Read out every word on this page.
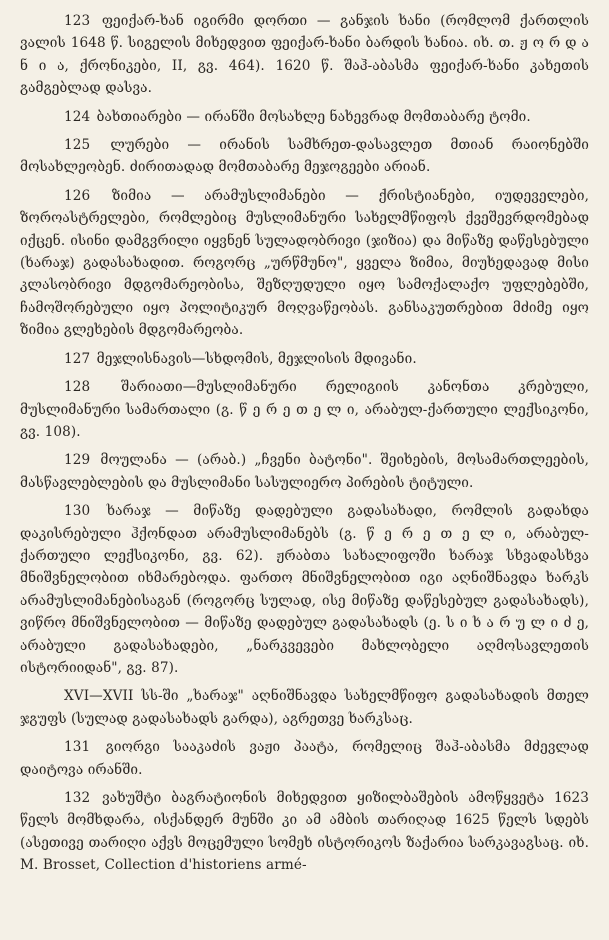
123 ფეიქარ-ხან იგირმი დორთი — განჯის ხანი (რომლომ ქართლის ვალის 1648 წ. სიგელის მიხედვით ფეიქარ-ხანი ბარდის ხანია. იხ. თ. ჟ ო რ დ ა ნ ი ა, ქრონიკები, II, გვ. 464). 1620 წ. შაჰ-აბასმა ფეიქარ-ხანი კახეთის გამგებლად დასვა.

124 ბახთიარები — ირანში მოსახლე ნახევრად მომთაბარე ტომი.

125 ლურები — ირანის სამხრეთ-დასავლეთ მთიან რაიონებში მოსახლეობენ. ძირითადად მომთაბარე მეჯოგეები არიან.

126 ზიმია — არამუსლიმანები — ქრისტიანები, იუდეველები, ზოროასტრელები, რომლებიც მუსლიმანური სახელმწიფოს ქვეშევრდომებად იქცენ. ისინი დამგვრილი იყვნენ სულადობრივი (ჯიზია) და მიწაზე დაწესებული (ხარაჯ) გადასახადით. როგორც „ურწმუნო", ყველა ზიმია, მიუხედავად მისი კლასობრივი მდგომარეობისა, შეზღუდული იყო სამოქალაქო უფლებებში, ჩამოშორებული იყო პოლიტიკურ მოღვაწეობას. განსაკუთრებით მძიმე იყო ზიმია გლეხების მდგომარეობა.

127 მეჯლისნავის—სხდომის, მეჯლისის მდივანი.

128 შარიათი—მუსლიმანური რელიგიის კანონთა კრებული, მუსლიმანური სამართალი (გ. წ ე რ ე თ ე ლ ი, არაბულ-ქართული ლექსიკონი, გვ. 108).

129 მოულანა — (არაბ.) „ჩვენი ბატონი". შეიხების, მოსამართლეების, მასწავლებლების და მუსლიმანი სასულიერო პირების ტიტული.

130 ხარაჯ — მიწაზე დადებული გადასახადი, რომლის გადახდა დაკისრებული ჰქონდათ არამუსლიმანებს (გ. წ ე რ ე თ ე ლ ი, არაბულ-ქართული ლექსიკონი, გვ. 62). ჟრაბთა სახალიფოში ხარაჯ სხვადასხვა მნიშვნელობით იხმარებოდა. ფართო მნიშვნელობით იგი აღნიშნავდა ხარკს არამუსლიმანებისაგან (როგორც სულად, ისე მიწაზე დაწესებულ გადასახადს), ვიწრო მნიშვნელობით — მიწაზე დადებულ გადასახადს (ე. ს ი ხ ა რ უ ლ ი ძ ე, არაბული გადასახადები, „ნარკვევები მახლობელი აღმოსავლეთის ისტორიიდან", გვ. 87).

XVI—XVII სს-ში „ხარაჯ" აღნიშნავდა სახელმწიფო გადასახადის მთელ ჯგუფს (სულად გადასახადს გარდა), აგრეთვე ხარკსაც.

131 გიორგი სააკაძის ვაჟი პაატა, რომელიც შაჰ-აბასმა მძევლად დაიტოვა ირანში.

132 ვახუშტი ბაგრატიონის მიხედვით ყიზილბაშების ამოწყვეტა 1623 წელს მომხდარა, ისქანდერ მუნში კი ამ ამბის თარიღად 1625 წელს სდებს (ასეთივე თარიღი აქვს მოცემული სომეხ ისტორიკოს ზაქარია სარკავაგსაც. იხ. M. Brosset, Collection d'historiens armé-
